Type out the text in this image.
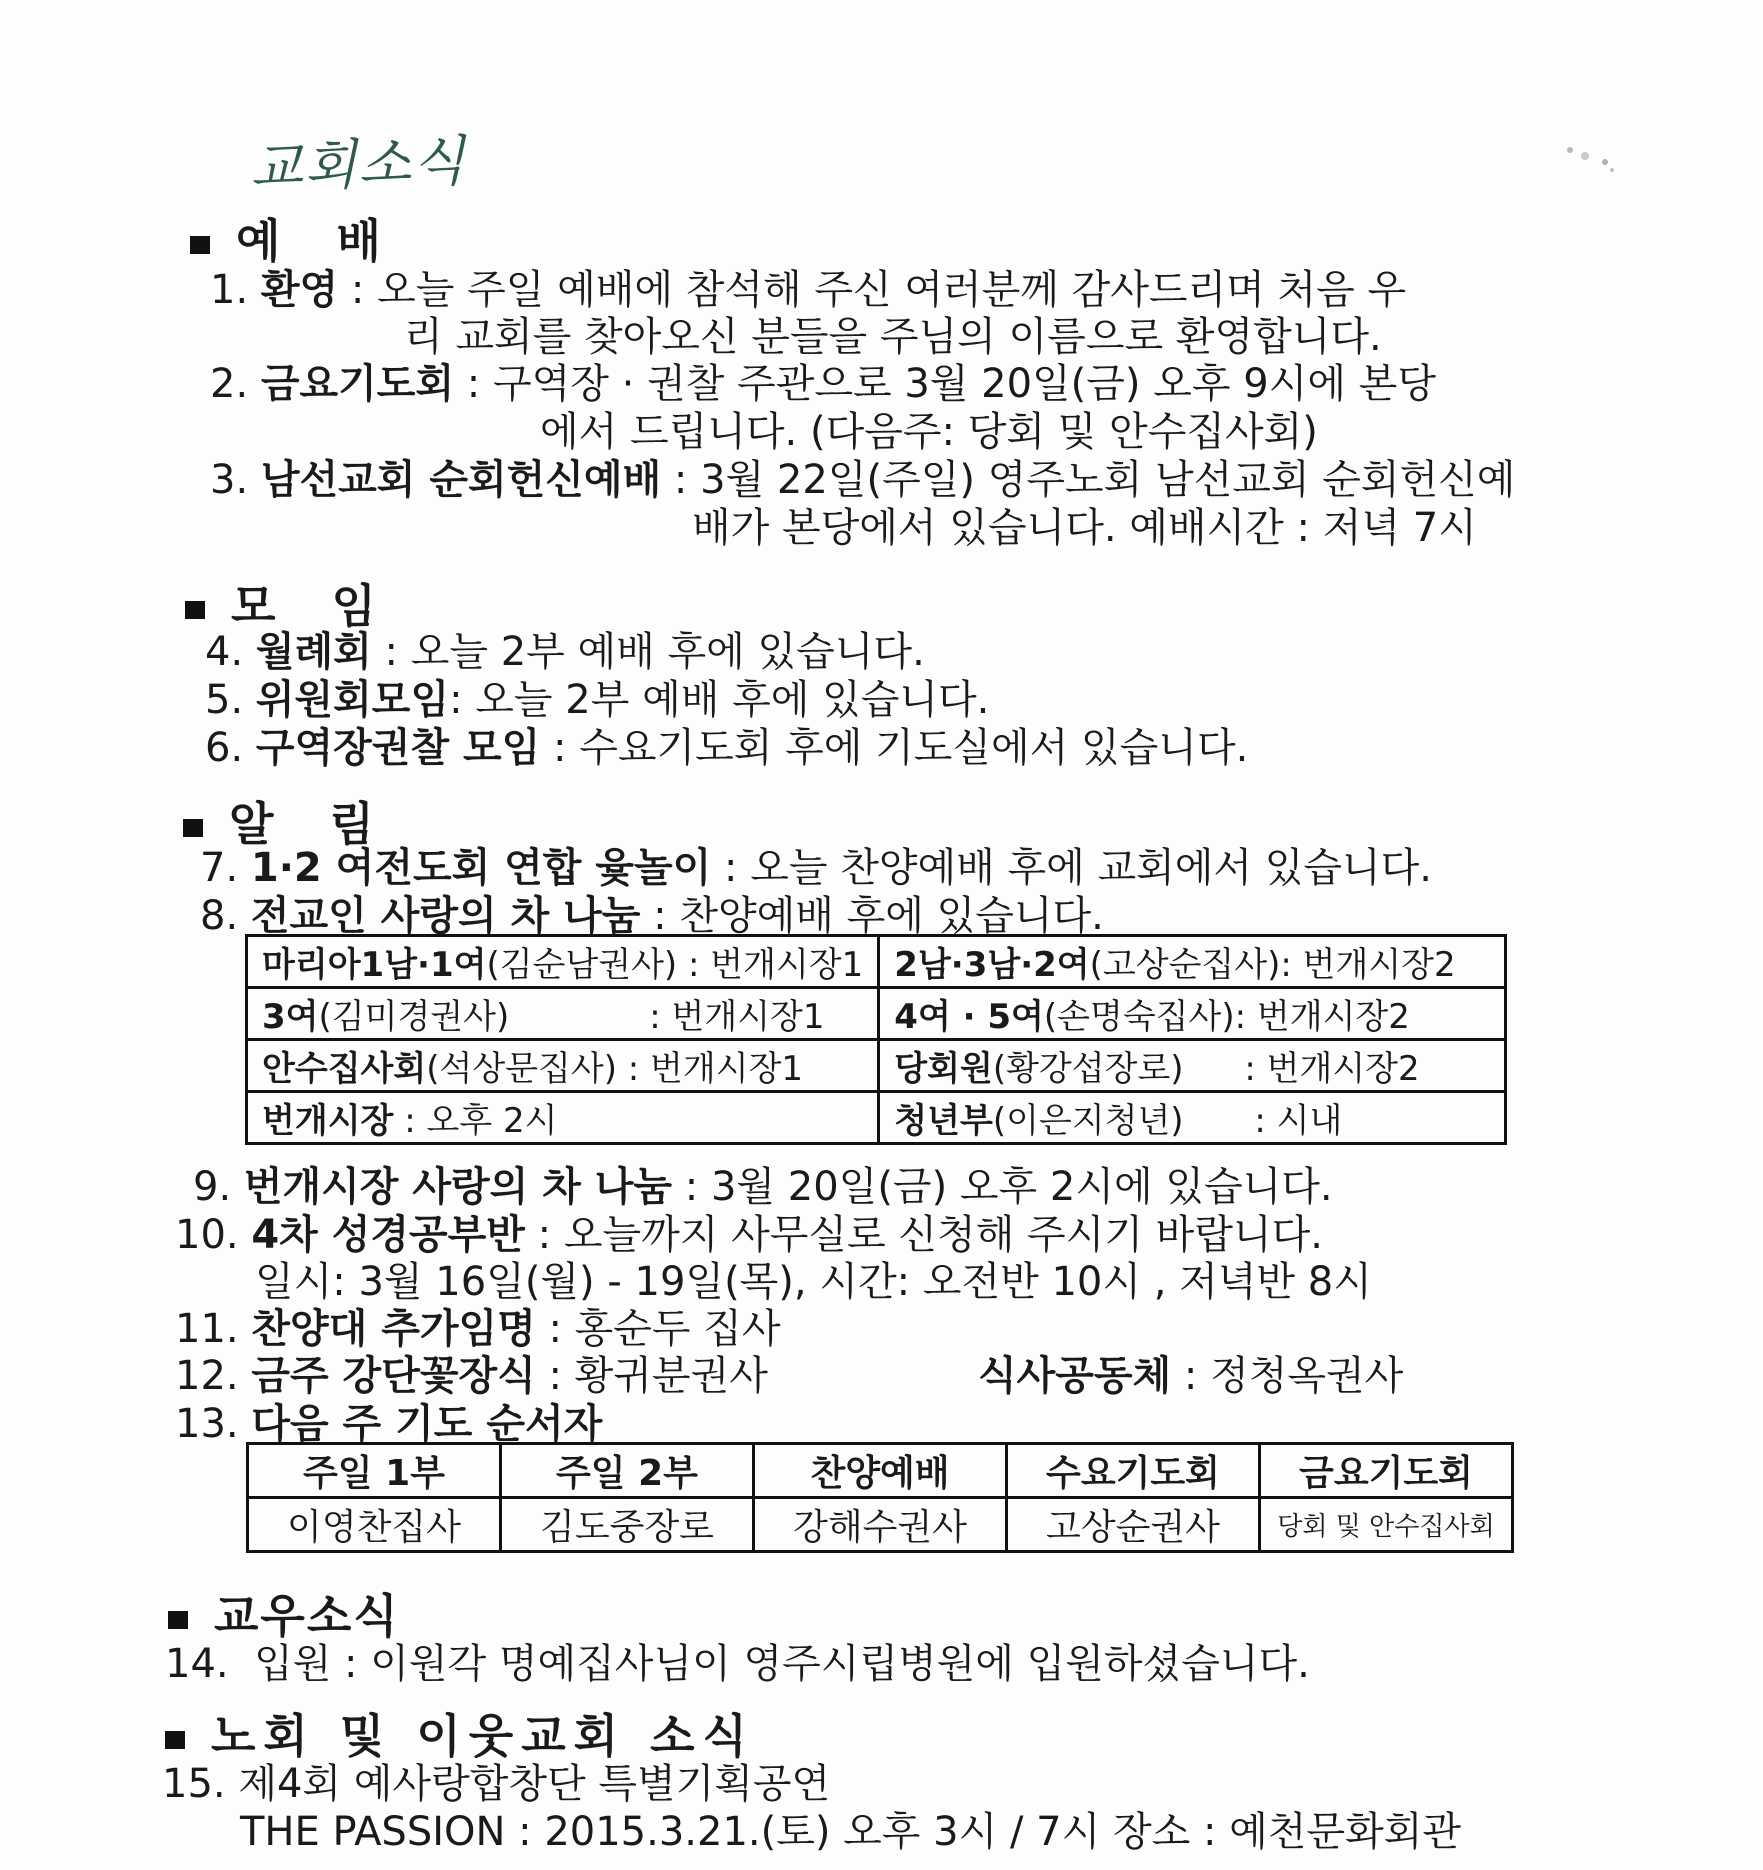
교회소식
예 배
1. 환영 : 오늘 주일 예배에 참석해 주신 여러분께 감사드리며 처음 우
리 교회를 찾아오신 분들을 주님의 이름으로 환영합니다.
2. 금요기도회 : 구역장 · 권찰 주관으로 3월 20일(금) 오후 9시에 본당
에서 드립니다. (다음주: 당회 및 안수집사회)
3. 남선교회 순회헌신예배 : 3월 22일(주일) 영주노회 남선교회 순회헌신예
배가 본당에서 있습니다. 예배시간 : 저녁 7시
모 임
4. 월례회 : 오늘 2부 예배 후에 있습니다.
5. 위원회모임: 오늘 2부 예배 후에 있습니다.
6. 구역장권찰 모임 : 수요기도회 후에 기도실에서 있습니다.
알 림
7. 1·2 여전도회 연합 윷놀이 : 오늘 찬양예배 후에 교회에서 있습니다.
8. 전교인 사랑의 차 나눔 : 찬양예배 후에 있습니다.
마리아1남·1여(김순남권사) : 번개시장1	2남·3남·2여(고상순집사): 번개시장2
3여(김미경권사) : 번개시장1	4여 · 5여(손명숙집사): 번개시장2
안수집사회(석상문집사) : 번개시장1	당회원(황강섭장로) : 번개시장2
번개시장 : 오후 2시	청년부(이은지청년) : 시내
9. 번개시장 사랑의 차 나눔 : 3월 20일(금) 오후 2시에 있습니다.
10. 4차 성경공부반 : 오늘까지 사무실로 신청해 주시기 바랍니다.
일시: 3월 16일(월) - 19일(목), 시간: 오전반 10시 , 저녁반 8시
11. 찬양대 추가임명 : 홍순두 집사
12. 금주 강단꽃장식 : 황귀분권사	식사공동체 : 정청옥권사
13. 다음 주 기도 순서자
주일 1부	주일 2부	찬양예배	수요기도회	금요기도회
이영찬집사	김도중장로	강해수권사	고상순권사	당회 및 안수집사회
교우소식
14. 입원 : 이원각 명예집사님이 영주시립병원에 입원하셨습니다.
노회 및 이웃교회 소식
15. 제4회 예사랑합창단 특별기획공연
THE PASSION : 2015.3.21.(토) 오후 3시 / 7시 장소 : 예천문화회관
